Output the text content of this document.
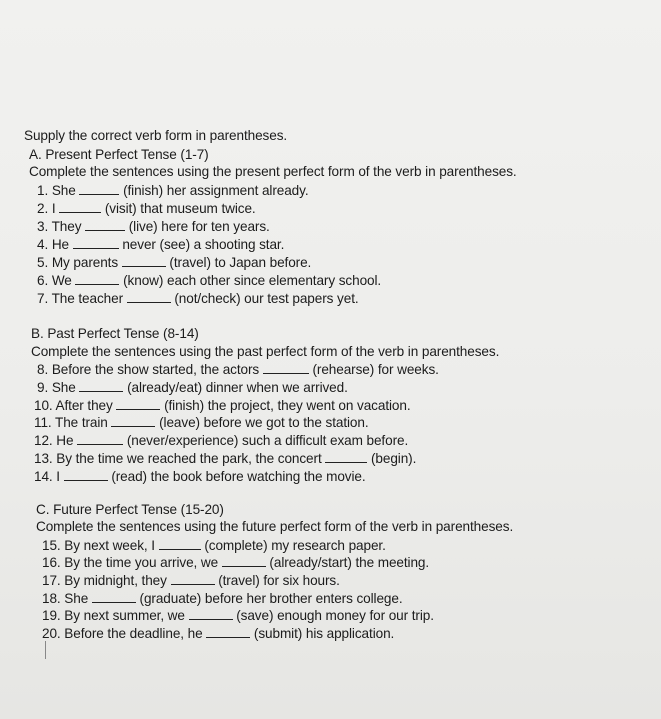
Supply the correct verb form in parentheses.
A. Present Perfect Tense (1-7)
Complete the sentences using the present perfect form of the verb in parentheses.
1. She	(finish) her assignment already.
2. I	(visit) that museum twice.
3. They	(live) here for ten years.
4. He	never (see) a shooting star.
5. My parents	(travel) to Japan before.
6. We	(know) each other since elementary school.
7. The teacher	(not/check) our test papers yet.
B. Past Perfect Tense (8-14)
Complete the sentences using the past perfect form of the verb in parentheses.
8. Before the show started, the actors	(rehearse) for weeks.
9. She	(already/eat) dinner when we arrived.
10. After they	(finish) the project, they went on vacation.
11. The train	(leave) before we got to the station.
12. He	(never/experience) such a difficult exam before.
13. By the time we reached the park, the concert	(begin).
14. I	(read) the book before watching the movie.
C. Future Perfect Tense (15-20)
Complete the sentences using the future perfect form of the verb in parentheses.
15. By next week, I	(complete) my research paper.
16. By the time you arrive, we	(already/start) the meeting.
17. By midnight, they	(travel) for six hours.
18. She	(graduate) before her brother enters college.
19. By next summer, we	(save) enough money for our trip.
20. Before the deadline, he	(submit) his application.
